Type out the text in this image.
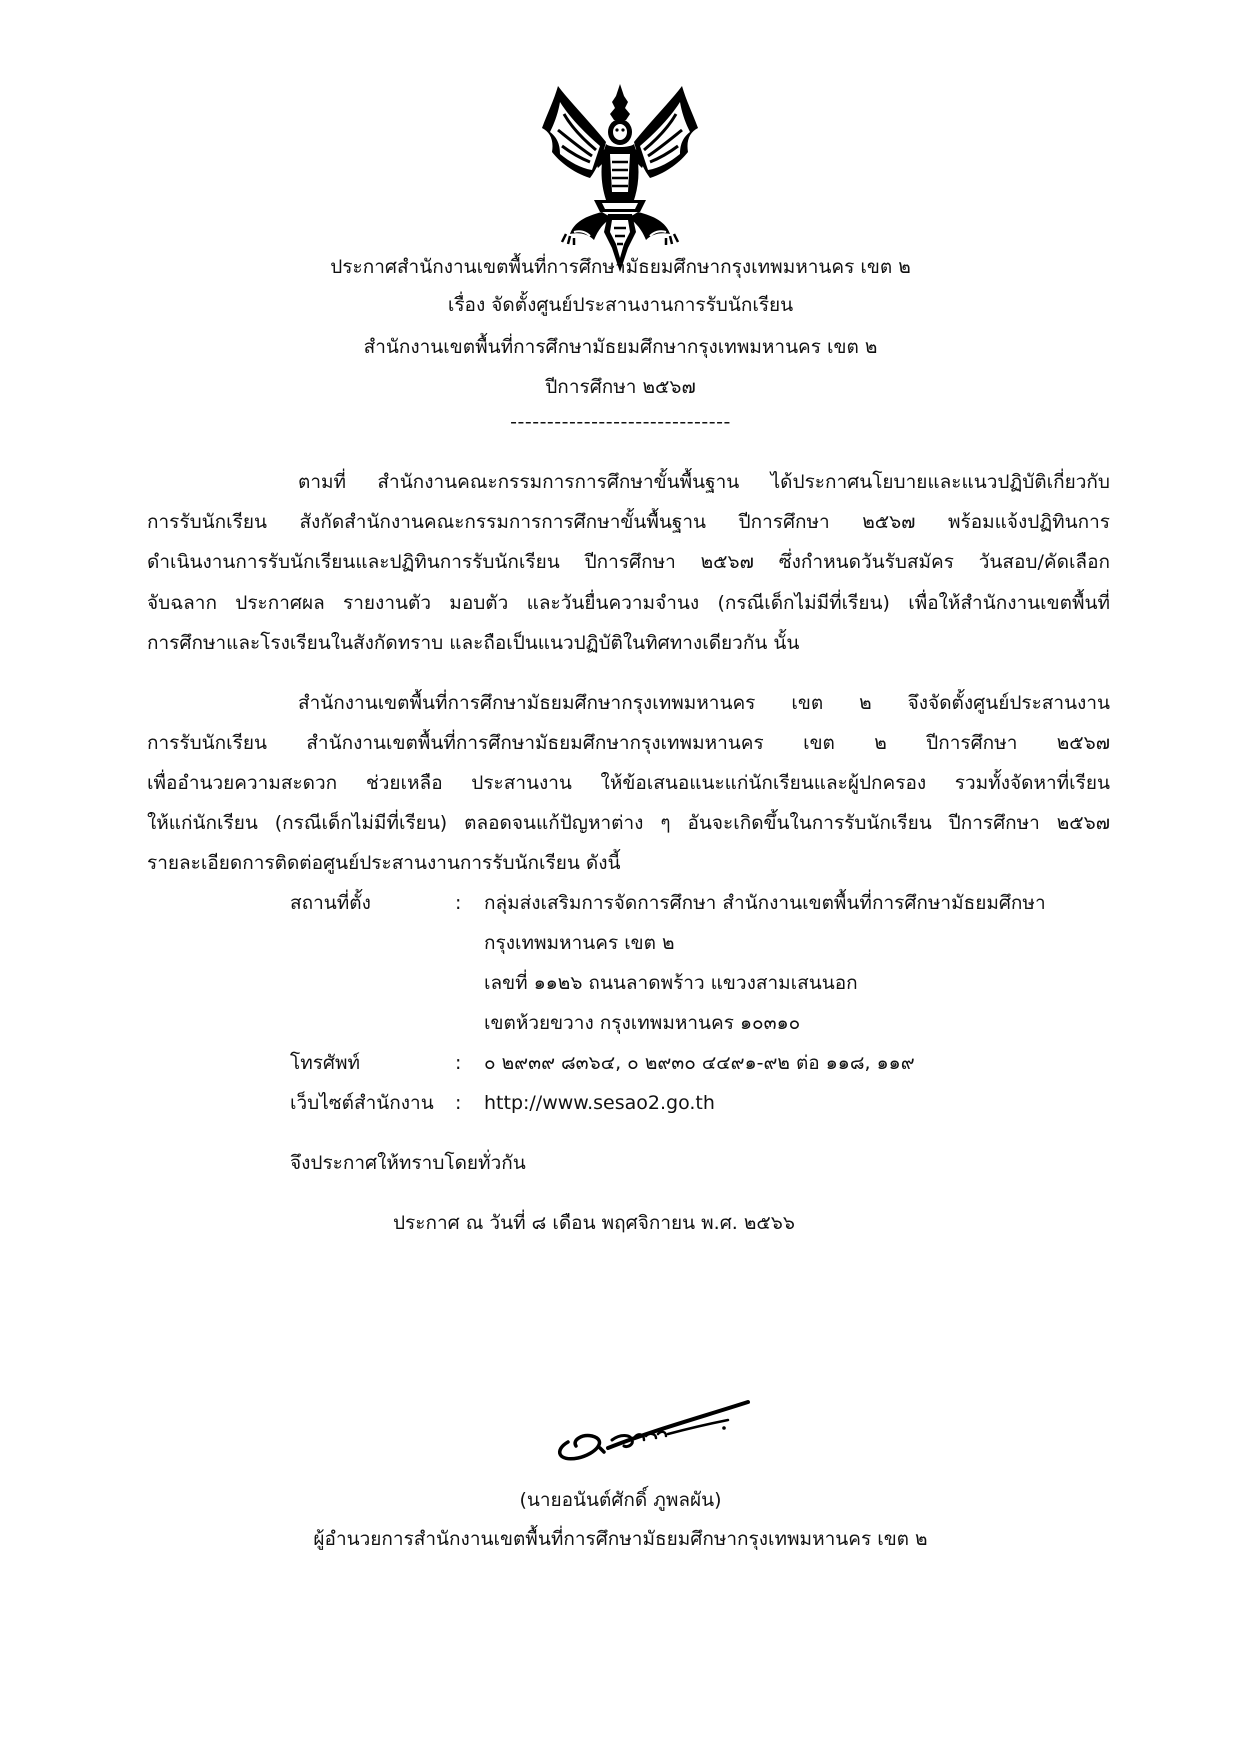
ประกาศสำนักงานเขตพื้นที่การศึกษามัธยมศึกษากรุงเทพมหานคร เขต ๒
เรื่อง จัดตั้งศูนย์ประสานงานการรับนักเรียน
สำนักงานเขตพื้นที่การศึกษามัธยมศึกษากรุงเทพมหานคร เขต ๒
ปีการศึกษา ๒๕๖๗
------------------------------
ตามที่ สำนักงานคณะกรรมการการศึกษาขั้นพื้นฐาน ได้ประกาศนโยบายและแนวปฏิบัติเกี่ยวกับ
การรับนักเรียน สังกัดสำนักงานคณะกรรมการการศึกษาขั้นพื้นฐาน ปีการศึกษา ๒๕๖๗ พร้อมแจ้งปฏิทินการ
ดำเนินงานการรับนักเรียนและปฏิทินการรับนักเรียน ปีการศึกษา ๒๕๖๗ ซึ่งกำหนดวันรับสมัคร วันสอบ/คัดเลือก
จับฉลาก ประกาศผล รายงานตัว มอบตัว และวันยื่นความจำนง (กรณีเด็กไม่มีที่เรียน) เพื่อให้สำนักงานเขตพื้นที่
การศึกษาและโรงเรียนในสังกัดทราบ และถือเป็นแนวปฏิบัติในทิศทางเดียวกัน นั้น
สำนักงานเขตพื้นที่การศึกษามัธยมศึกษากรุงเทพมหานคร เขต ๒ จึงจัดตั้งศูนย์ประสานงาน
การรับนักเรียน สำนักงานเขตพื้นที่การศึกษามัธยมศึกษากรุงเทพมหานคร เขต ๒ ปีการศึกษา ๒๕๖๗
เพื่ออำนวยความสะดวก ช่วยเหลือ ประสานงาน ให้ข้อเสนอแนะแก่นักเรียนและผู้ปกครอง รวมทั้งจัดหาที่เรียน
ให้แก่นักเรียน (กรณีเด็กไม่มีที่เรียน) ตลอดจนแก้ปัญหาต่าง ๆ อันจะเกิดขึ้นในการรับนักเรียน ปีการศึกษา ๒๕๖๗
รายละเอียดการติดต่อศูนย์ประสานงานการรับนักเรียน ดังนี้
สถานที่ตั้ง	: กลุ่มส่งเสริมการจัดการศึกษา สำนักงานเขตพื้นที่การศึกษามัธยมศึกษา
กรุงเทพมหานคร เขต ๒
เลขที่ ๑๑๒๖ ถนนลาดพร้าว แขวงสามเสนนอก
เขตห้วยขวาง กรุงเทพมหานคร ๑๐๓๑๐
โทรศัพท์	: ๐ ๒๙๓๙ ๘๓๖๔, ๐ ๒๙๓๐ ๔๔๙๑-๙๒ ต่อ ๑๑๘, ๑๑๙
เว็บไซต์สำนักงาน : http://www.sesao2.go.th
จึงประกาศให้ทราบโดยทั่วกัน
ประกาศ ณ วันที่ ๘ เดือน พฤศจิกายน พ.ศ. ๒๕๖๖
(นายอนันต์ศักดิ์ ภูพลผัน)
ผู้อำนวยการสำนักงานเขตพื้นที่การศึกษามัธยมศึกษากรุงเทพมหานคร เขต ๒
